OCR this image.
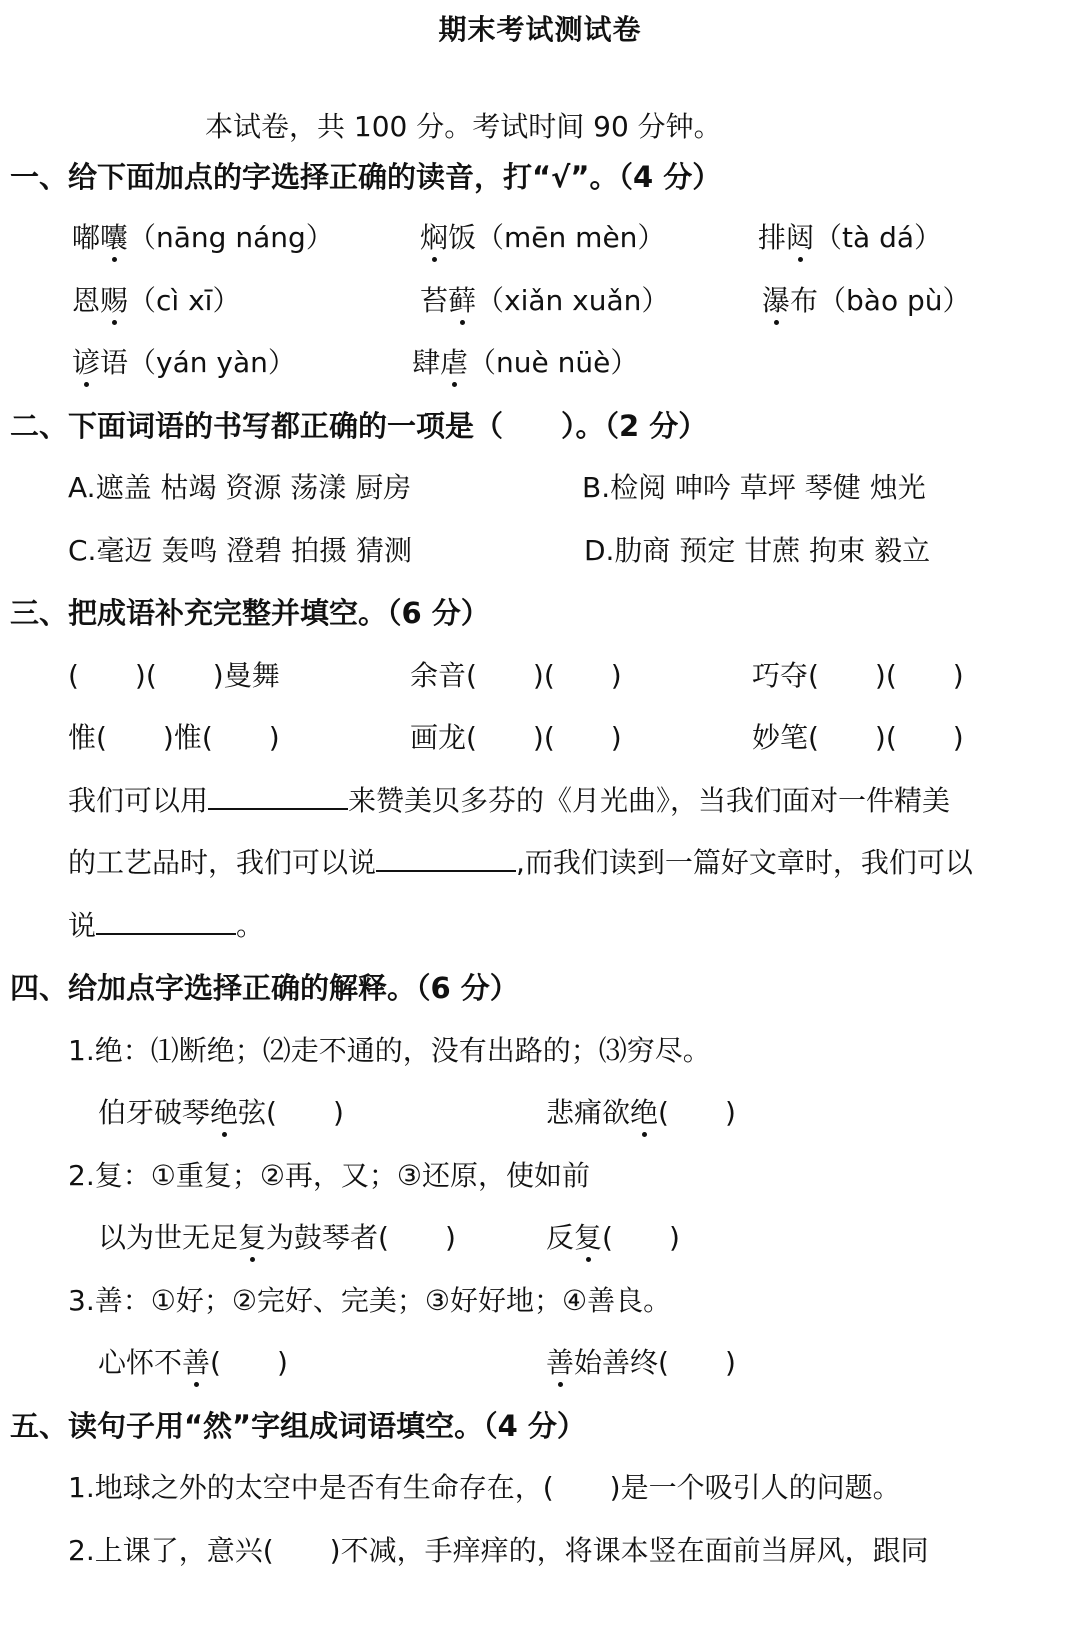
期末考试测试卷
本试卷，共 100 分。考试时间 90 分钟。
一、给下面加点的字选择正确的读音，打“√”。（4 分）
嘟囔（nāng náng）	焖饭（mēn mèn）	排闼（tà dá）
恩赐（cì xī）	苔藓（xiǎn xuǎn）	瀑布（bào pù）
谚语（yán yàn）	肆虐（nuè nüè）
二、下面词语的书写都正确的一项是（　　）。（2 分）
A.遮盖 枯竭 资源 荡漾 厨房	B.检阅 呻吟 草坪 琴健 烛光
C.毫迈 轰鸣 澄碧 拍摄 猜测	D.肋商 预定 甘蔗 拘束 毅立
三、把成语补充完整并填空。（6 分）
(　　)(　　)曼舞	余音(　　)(　　)	巧夺(　　)(　　)
惟(　　)惟(　　)	画龙(　　)(　　)	妙笔(　　)(　　)
我们可以用	来赞美贝多芬的《月光曲》，当我们面对一件精美
的工艺品时，我们可以说	,而我们读到一篇好文章时，我们可以
说	。
四、给加点字选择正确的解释。（6 分）
1.绝：⑴断绝；⑵走不通的，没有出路的；⑶穷尽。
伯牙破琴绝弦(　　)	悲痛欲绝(　　)
2.复：①重复；②再，又；③还原，使如前
以为世无足复为鼓琴者(　　)	反复(　　)
3.善：①好；②完好、完美；③好好地；④善良。
心怀不善(　　)	善始善终(　　)
五、读句子用“然”字组成词语填空。（4 分）
1.地球之外的太空中是否有生命存在，(　　)是一个吸引人的问题。
2.上课了，意兴(　　)不减，手痒痒的，将课本竖在面前当屏风，跟同
